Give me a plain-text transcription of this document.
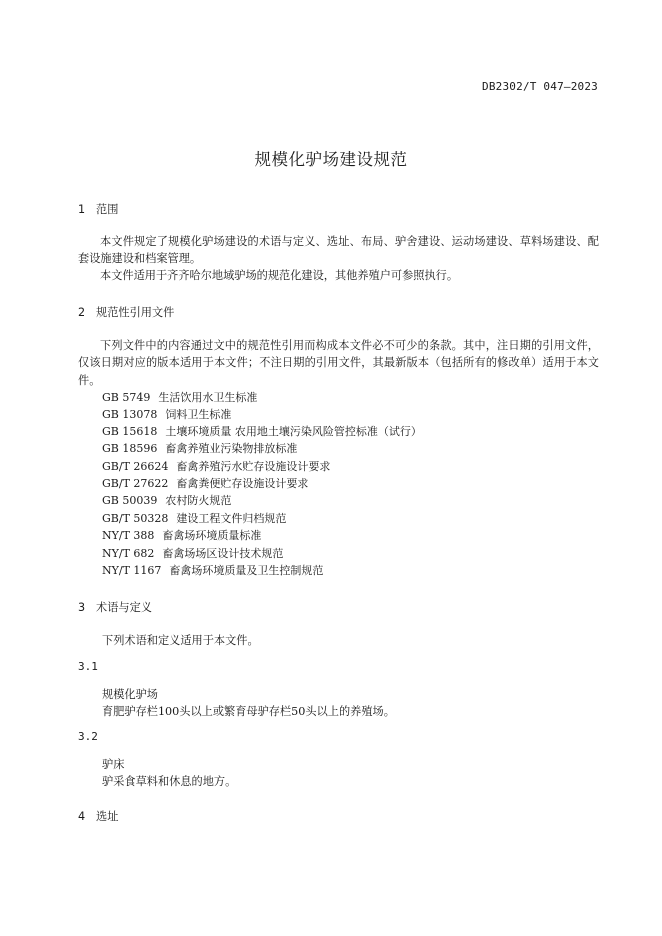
DB2302/T 047—2023
规模化驴场建设规范
1 范围
本文件规定了规模化驴场建设的术语与定义、选址、布局、驴舍建设、运动场建设、草料场建设、配套设施建设和档案管理。
本文件适用于齐齐哈尔地域驴场的规范化建设，其他养殖户可参照执行。
2 规范性引用文件
下列文件中的内容通过文中的规范性引用而构成本文件必不可少的条款。其中，注日期的引用文件，仅该日期对应的版本适用于本文件；不注日期的引用文件，其最新版本（包括所有的修改单）适用于本文件。
GB 5749 生活饮用水卫生标准
GB 13078 饲料卫生标准
GB 15618 土壤环境质量 农用地土壤污染风险管控标准（试行）
GB 18596 畜禽养殖业污染物排放标准
GB/T 26624 畜禽养殖污水贮存设施设计要求
GB/T 27622 畜禽粪便贮存设施设计要求
GB 50039 农村防火规范
GB/T 50328 建设工程文件归档规范
NY/T 388 畜禽场环境质量标准
NY/T 682 畜禽场场区设计技术规范
NY/T 1167 畜禽场环境质量及卫生控制规范
3 术语与定义
下列术语和定义适用于本文件。
3.1
规模化驴场
育肥驴存栏100头以上或繁育母驴存栏50头以上的养殖场。
3.2
驴床
驴采食草料和休息的地方。
4 选址
